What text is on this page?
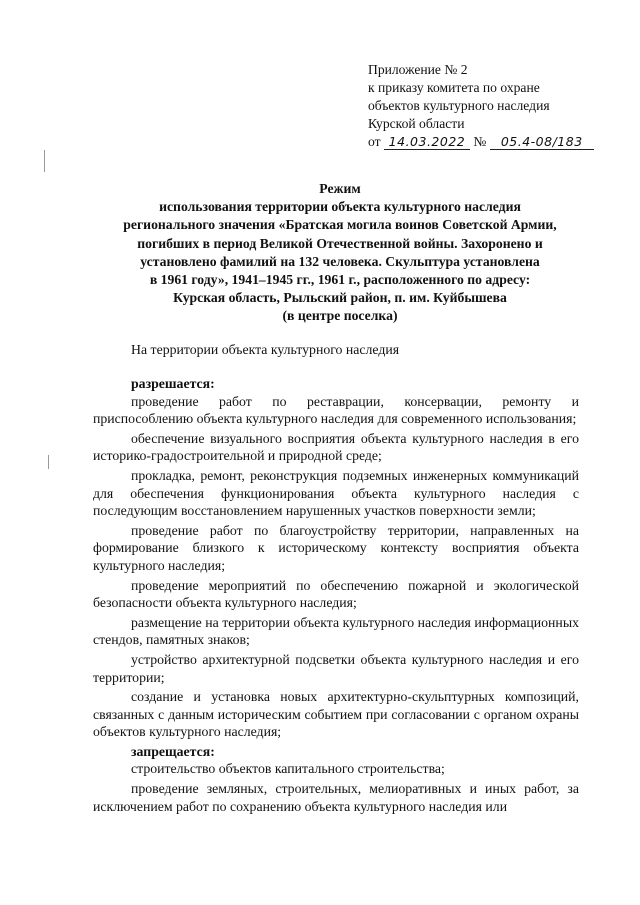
Приложение № 2
к приказу комитета по охране
объектов культурного наследия
Курской области
от 14.03.2022 № 05.4-08/183
Режим
использования территории объекта культурного наследия
регионального значения «Братская могила воинов Советской Армии,
погибших в период Великой Отечественной войны. Захоронено и
установлено фамилий на 132 человека. Скульптура установлена
в 1961 году», 1941–1945 гг., 1961 г., расположенного по адресу:
Курская область, Рыльский район, п. им. Куйбышева
(в центре поселка)
На территории объекта культурного наследия
разрешается:
проведение работ по реставрации, консервации, ремонту и приспособлению объекта культурного наследия для современного использования;
обеспечение визуального восприятия объекта культурного наследия в его историко-градостроительной и природной среде;
прокладка, ремонт, реконструкция подземных инженерных коммуникаций для обеспечения функционирования объекта культурного наследия с последующим восстановлением нарушенных участков поверхности земли;
проведение работ по благоустройству территории, направленных на формирование близкого к историческому контексту восприятия объекта культурного наследия;
проведение мероприятий по обеспечению пожарной и экологической безопасности объекта культурного наследия;
размещение на территории объекта культурного наследия информационных стендов, памятных знаков;
устройство архитектурной подсветки объекта культурного наследия и его территории;
создание и установка новых архитектурно-скульптурных композиций, связанных с данным историческим событием при согласовании с органом охраны объектов культурного наследия;
запрещается:
строительство объектов капитального строительства;
проведение земляных, строительных, мелиоративных и иных работ, за исключением работ по сохранению объекта культурного наследия или
